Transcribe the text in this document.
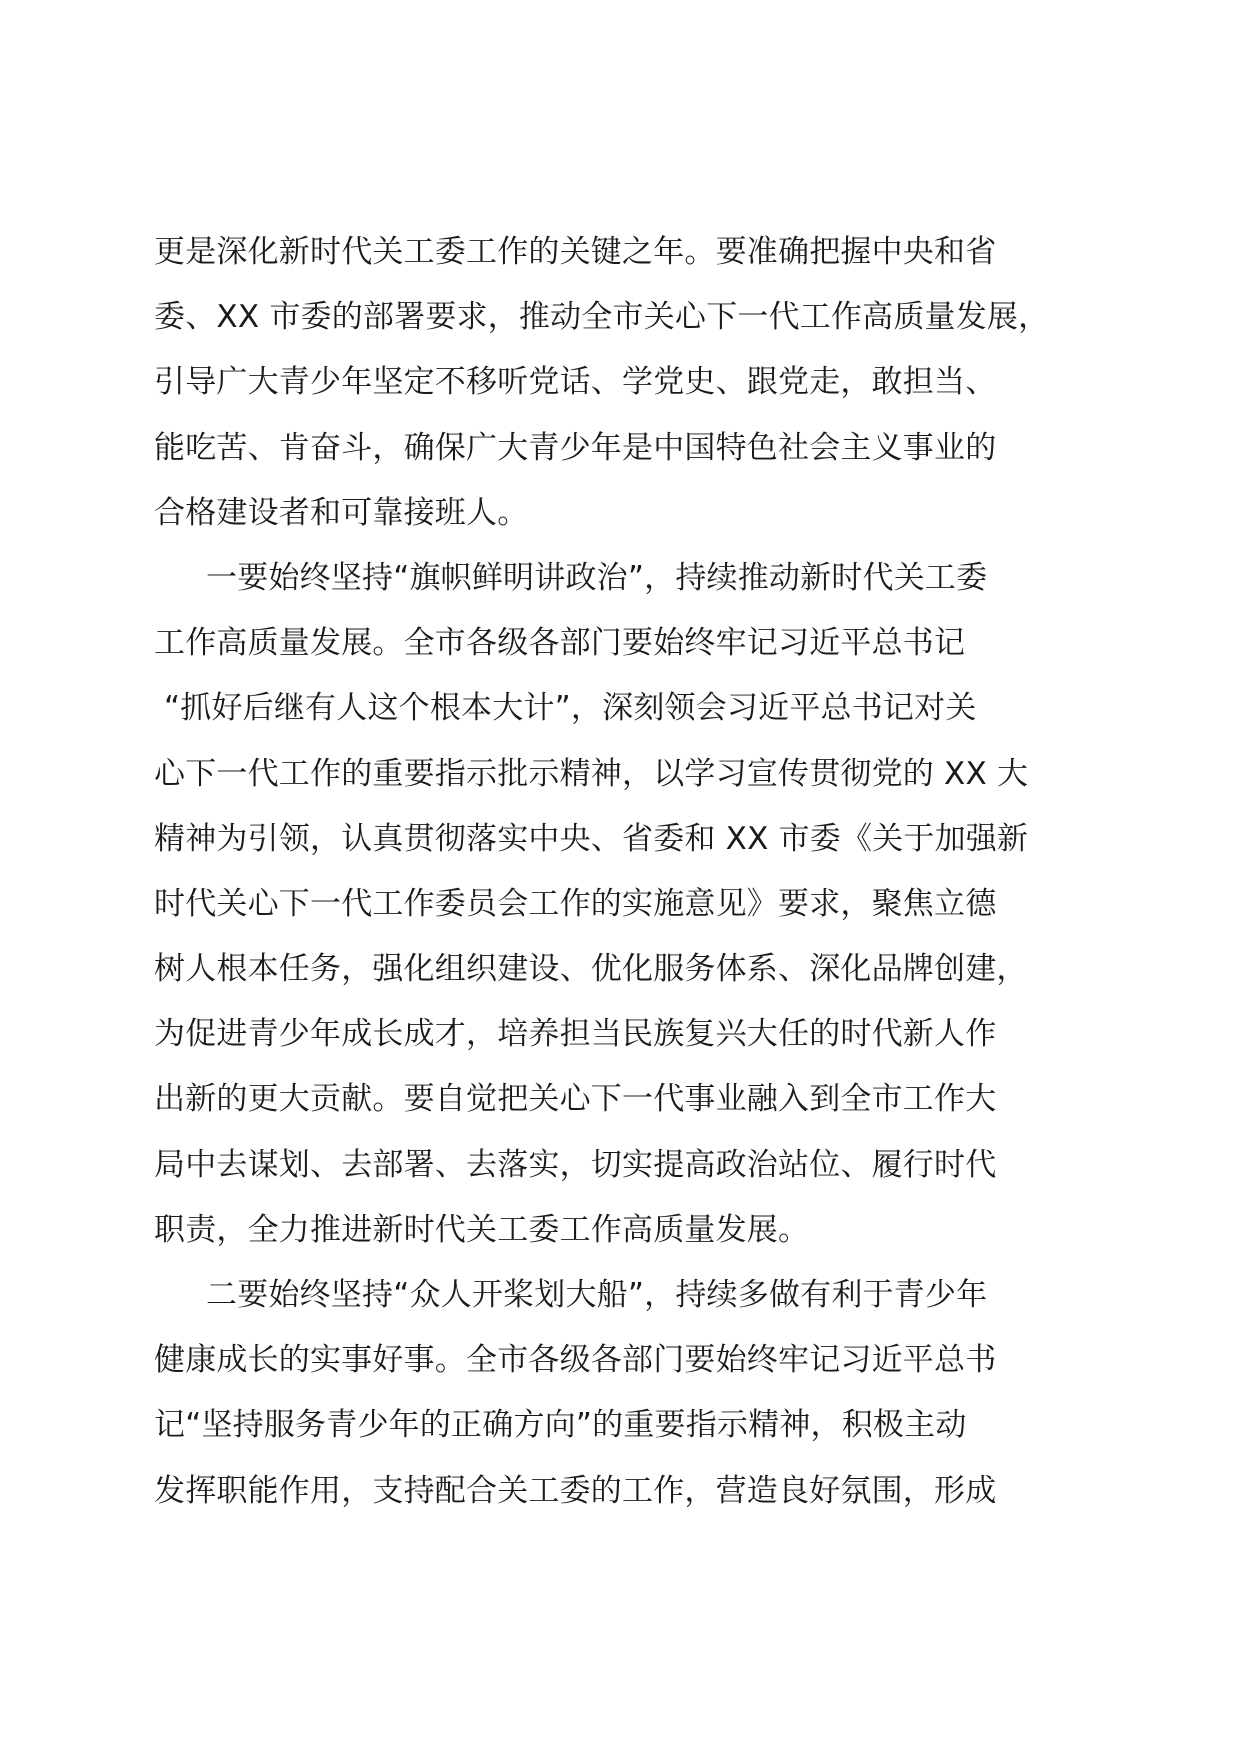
更是深化新时代关工委工作的关键之年。要准确把握中央和省
委、XX 市委的部署要求，推动全市关心下一代工作高质量发展，
引导广大青少年坚定不移听党话、学党史、跟党走，敢担当、
能吃苦、肯奋斗，确保广大青少年是中国特色社会主义事业的
合格建设者和可靠接班人。
一要始终坚持“旗帜鲜明讲政治”，持续推动新时代关工委
工作高质量发展。全市各级各部门要始终牢记习近平总书记
“抓好后继有人这个根本大计”，深刻领会习近平总书记对关
心下一代工作的重要指示批示精神，以学习宣传贯彻党的 XX 大
精神为引领，认真贯彻落实中央、省委和 XX 市委《关于加强新
时代关心下一代工作委员会工作的实施意见》要求，聚焦立德
树人根本任务，强化组织建设、优化服务体系、深化品牌创建，
为促进青少年成长成才，培养担当民族复兴大任的时代新人作
出新的更大贡献。要自觉把关心下一代事业融入到全市工作大
局中去谋划、去部署、去落实，切实提高政治站位、履行时代
职责，全力推进新时代关工委工作高质量发展。
二要始终坚持“众人开桨划大船”，持续多做有利于青少年
健康成长的实事好事。全市各级各部门要始终牢记习近平总书
记“坚持服务青少年的正确方向”的重要指示精神，积极主动
发挥职能作用，支持配合关工委的工作，营造良好氛围，形成
